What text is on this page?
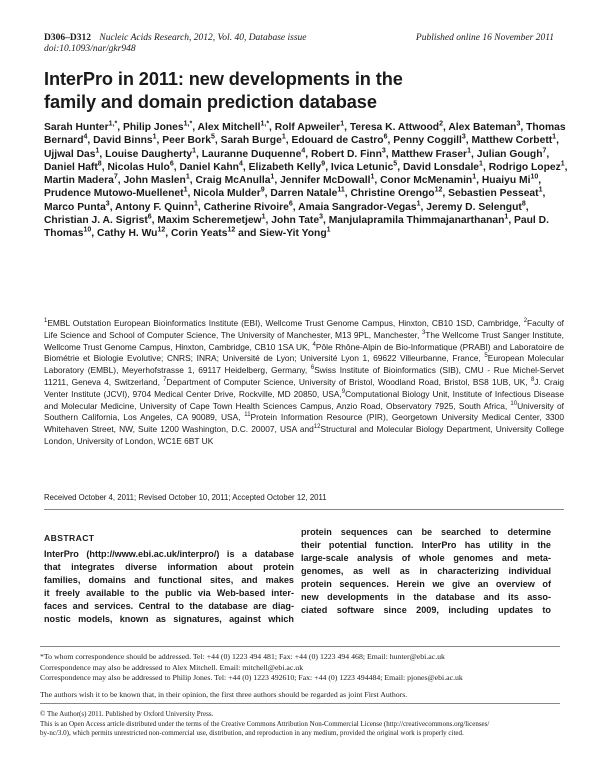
D306–D312 Nucleic Acids Research, 2012, Vol. 40, Database issue	Published online 16 November 2011
doi:10.1093/nar/gkr948
InterPro in 2011: new developments in the
family and domain prediction database
Sarah Hunter$^{1,*}$, Philip Jones$^{1,*}$, Alex Mitchell$^{1,*}$, Rolf Apweiler$^1$, Teresa K. Attwood$^2$, Alex Bateman$^3$, Thomas Bernard$^4$, David Binns$^1$, Peer Bork$^5$, Sarah Burge$^1$, Edouard de Castro$^6$, Penny Coggill$^3$, Matthew Corbett$^1$, Ujjwal Das$^1$, Louise Daugherty$^1$, Lauranne Duquenne$^4$, Robert D. Finn$^3$, Matthew Fraser$^1$, Julian Gough$^7$, Daniel Haft$^8$, Nicolas Hulo$^6$, Daniel Kahn$^4$, Elizabeth Kelly$^9$, Ivica Letunic$^5$, David Lonsdale$^1$, Rodrigo Lopez$^1$, Martin Madera$^7$, John Maslen$^1$, Craig McAnulla$^1$, Jennifer McDowall$^1$, Conor McMenamin$^1$, Huaiyu Mi$^{10}$, Prudence Mutowo-Muellenet$^1$, Nicola Mulder$^9$, Darren Natale$^{11}$, Christine Orengo$^{12}$, Sebastien Pesseat$^1$, Marco Punta$^3$, Antony F. Quinn$^1$, Catherine Rivoire$^6$, Amaia Sangrador-Vegas$^1$, Jeremy D. Selengut$^8$, Christian J. A. Sigrist$^6$, Maxim Scheremetjew$^1$, John Tate$^3$, Manjulapramila Thimmajanarthanan$^1$, Paul D. Thomas$^{10}$, Cathy H. Wu$^{12}$, Corin Yeats$^{12}$ and Siew-Yit Yong$^1$
$^1$EMBL Outstation European Bioinformatics Institute (EBI), Wellcome Trust Genome Campus, Hinxton, CB10 1SD, Cambridge, $^2$Faculty of Life Science and School of Computer Science, The University of Manchester, M13 9PL, Manchester, $^3$The Wellcome Trust Sanger Institute, Wellcome Trust Genome Campus, Hinxton, Cambridge, CB10 1SA UK, $^4$Pôle Rhône-Alpin de Bio-Informatique (PRABI) and Laboratoire de Biométrie et Biologie Evolutive; CNRS; INRA; Université de Lyon; Université Lyon 1, 69622 Villeurbanne, France, $^5$European Molecular Laboratory (EMBL), Meyerhofstrasse 1, 69117 Heidelberg, Germany, $^6$Swiss Institute of Bioinformatics (SIB), CMU - Rue Michel-Servet 11211, Geneva 4, Switzerland, $^7$Department of Computer Science, University of Bristol, Woodland Road, Bristol, BS8 1UB, UK, $^8$J. Craig Venter Institute (JCVI), 9704 Medical Center Drive, Rockville, MD 20850, USA,$^9$Computational Biology Unit, Institute of Infectious Disease and Molecular Medicine, University of Cape Town Health Sciences Campus, Anzio Road, Observatory 7925, South Africa, $^{10}$University of Southern California, Los Angeles, CA 90089, USA, $^{11}$Protein Information Resource (PIR), Georgetown University Medical Center, 3300 Whitehaven Street, NW, Suite 1200 Washington, D.C. 20007, USA and$^{12}$Structural and Molecular Biology Department, University College London, University of London, WC1E 6BT UK
Received October 4, 2011; Revised October 10, 2011; Accepted October 12, 2011
ABSTRACT
InterPro (http://www.ebi.ac.uk/interpro/) is a database
that integrates diverse information about protein
families, domains and functional sites, and makes
it freely available to the public via Web-based inter-
faces and services. Central to the database are diag-
nostic models, known as signatures, against which
protein sequences can be searched to determine
their potential function. InterPro has utility in the
large-scale analysis of whole genomes and meta-
genomes, as well as in characterizing individual
protein sequences. Herein we give an overview of
new developments in the database and its asso-
ciated software since 2009, including updates to
*To whom correspondence should be addressed. Tel: +44 (0) 1223 494 481; Fax: +44 (0) 1223 494 468; Email: hunter@ebi.ac.uk
Correspondence may also be addressed to Alex Mitchell. Email: mitchell@ebi.ac.uk
Correspondence may also be addressed to Philip Jones. Tel: +44 (0) 1223 492610; Fax: +44 (0) 1223 494484; Email: pjones@ebi.ac.uk
The authors wish it to be known that, in their opinion, the first three authors should be regarded as joint First Authors.
© The Author(s) 2011. Published by Oxford University Press.
This is an Open Access article distributed under the terms of the Creative Commons Attribution Non-Commercial License (http://creativecommons.org/licenses/
by-nc/3.0), which permits unrestricted non-commercial use, distribution, and reproduction in any medium, provided the original work is properly cited.
